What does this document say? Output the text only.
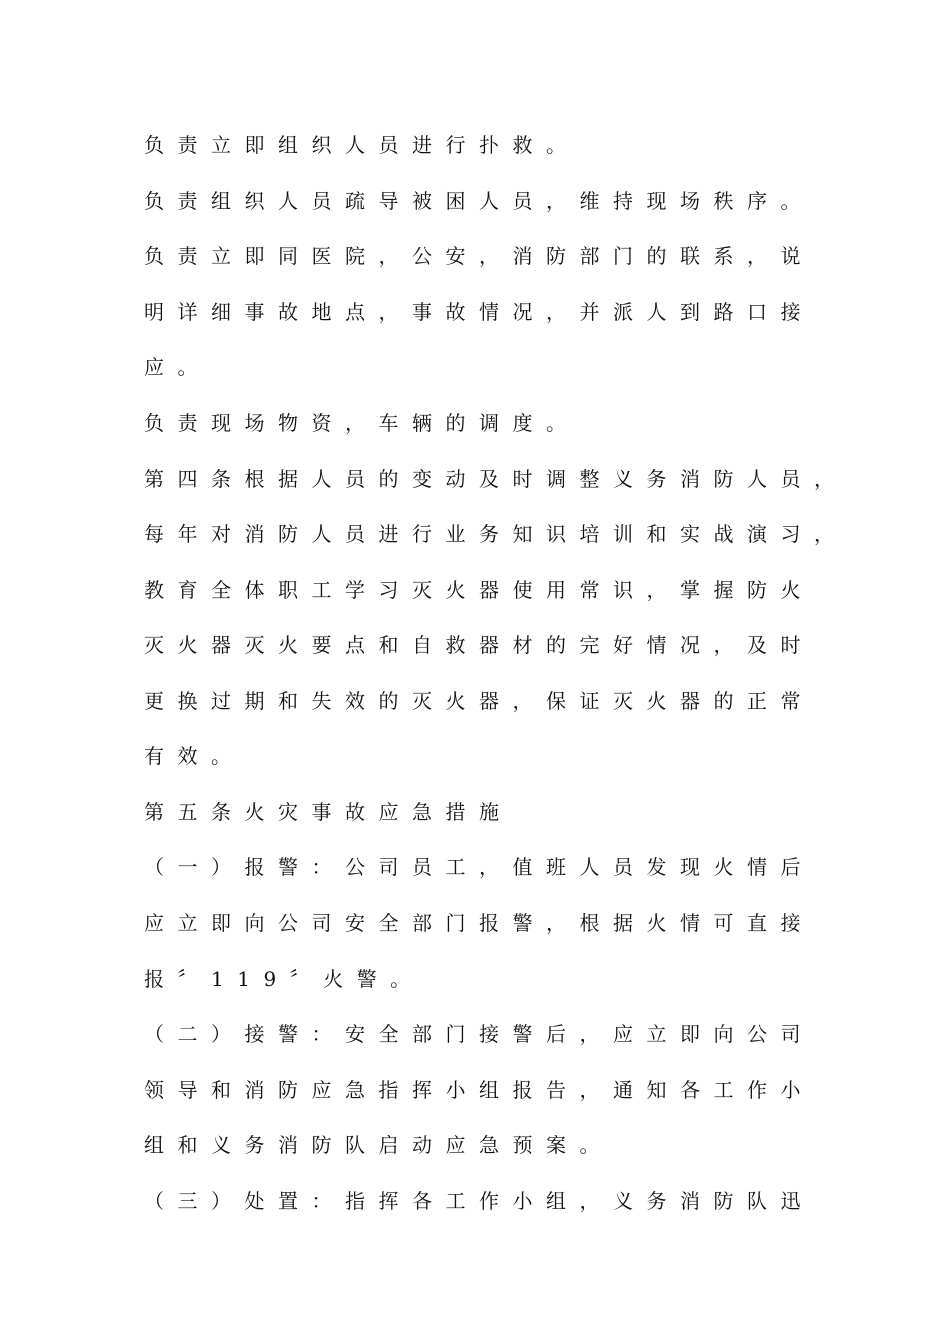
负责立即组织人员进行扑救。
负责组织人员疏导被困人员，维持现场秩序。
负责立即同医院，公安，消防部门的联系，说
明详细事故地点，事故情况，并派人到路口接
应。
负责现场物资，车辆的调度。
第四条根据人员的变动及时调整义务消防人员，
每年对消防人员进行业务知识培训和实战演习，
教育全体职工学习灭火器使用常识，掌握防火
灭火器灭火要点和自救器材的完好情况，及时
更换过期和失效的灭火器，保证灭火器的正常
有效。
第五条火灾事故应急措施
（一）报警：公司员工，值班人员发现火情后
应立即向公司安全部门报警，根据火情可直接
报〞119〞火警。
（二）接警：安全部门接警后，应立即向公司
领导和消防应急指挥小组报告，通知各工作小
组和义务消防队启动应急预案。
（三）处置：指挥各工作小组，义务消防队迅
